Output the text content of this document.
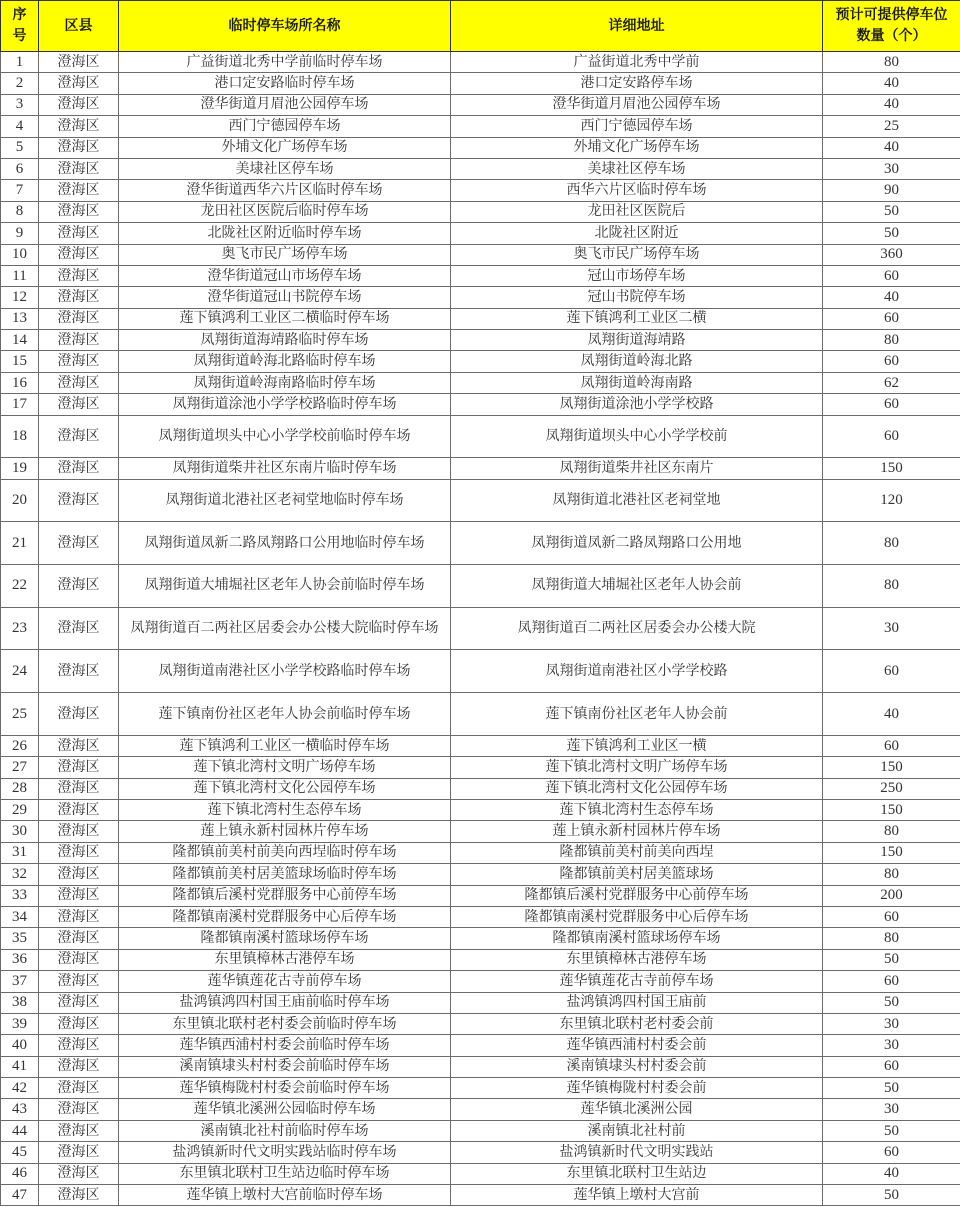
序号	区县	临时停车场所名称	详细地址	预计可提供停车位数量（个）
1	澄海区	广益街道北秀中学前临时停车场	广益街道北秀中学前	80
2	澄海区	港口定安路临时停车场	港口定安路停车场	40
3	澄海区	澄华街道月眉池公园停车场	澄华街道月眉池公园停车场	40
4	澄海区	西门宁德园停车场	西门宁德园停车场	25
5	澄海区	外埔文化广场停车场	外埔文化广场停车场	40
6	澄海区	美埭社区停车场	美埭社区停车场	30
7	澄海区	澄华街道西华六片区临时停车场	西华六片区临时停车场	90
8	澄海区	龙田社区医院后临时停车场	龙田社区医院后	50
9	澄海区	北陇社区附近临时停车场	北陇社区附近	50
10	澄海区	奥飞市民广场停车场	奥飞市民广场停车场	360
11	澄海区	澄华街道冠山市场停车场	冠山市场停车场	60
12	澄海区	澄华街道冠山书院停车场	冠山书院停车场	40
13	澄海区	莲下镇鸿利工业区二横临时停车场	莲下镇鸿利工业区二横	60
14	澄海区	凤翔街道海靖路临时停车场	凤翔街道海靖路	80
15	澄海区	凤翔街道岭海北路临时停车场	凤翔街道岭海北路	60
16	澄海区	凤翔街道岭海南路临时停车场	凤翔街道岭海南路	62
17	澄海区	凤翔街道涂池小学学校路临时停车场	凤翔街道涂池小学学校路	60
18	澄海区	凤翔街道坝头中心小学学校前临时停车场	凤翔街道坝头中心小学学校前	60
19	澄海区	凤翔街道柴井社区东南片临时停车场	凤翔街道柴井社区东南片	150
20	澄海区	凤翔街道北港社区老祠堂地临时停车场	凤翔街道北港社区老祠堂地	120
21	澄海区	凤翔街道凤新二路凤翔路口公用地临时停车场	凤翔街道凤新二路凤翔路口公用地	80
22	澄海区	凤翔街道大埔堀社区老年人协会前临时停车场	凤翔街道大埔堀社区老年人协会前	80
23	澄海区	凤翔街道百二两社区居委会办公楼大院临时停车场	凤翔街道百二两社区居委会办公楼大院	30
24	澄海区	凤翔街道南港社区小学学校路临时停车场	凤翔街道南港社区小学学校路	60
25	澄海区	莲下镇南份社区老年人协会前临时停车场	莲下镇南份社区老年人协会前	40
26	澄海区	莲下镇鸿利工业区一横临时停车场	莲下镇鸿利工业区一横	60
27	澄海区	莲下镇北湾村文明广场停车场	莲下镇北湾村文明广场停车场	150
28	澄海区	莲下镇北湾村文化公园停车场	莲下镇北湾村文化公园停车场	250
29	澄海区	莲下镇北湾村生态停车场	莲下镇北湾村生态停车场	150
30	澄海区	莲上镇永新村园林片停车场	莲上镇永新村园林片停车场	80
31	澄海区	隆都镇前美村前美向西埕临时停车场	隆都镇前美村前美向西埕	150
32	澄海区	隆都镇前美村居美篮球场临时停车场	隆都镇前美村居美篮球场	80
33	澄海区	隆都镇后溪村党群服务中心前停车场	隆都镇后溪村党群服务中心前停车场	200
34	澄海区	隆都镇南溪村党群服务中心后停车场	隆都镇南溪村党群服务中心后停车场	60
35	澄海区	隆都镇南溪村篮球场停车场	隆都镇南溪村篮球场停车场	80
36	澄海区	东里镇樟林古港停车场	东里镇樟林古港停车场	50
37	澄海区	莲华镇莲花古寺前停车场	莲华镇莲花古寺前停车场	60
38	澄海区	盐鸿镇鸿四村国王庙前临时停车场	盐鸿镇鸿四村国王庙前	50
39	澄海区	东里镇北联村老村委会前临时停车场	东里镇北联村老村委会前	30
40	澄海区	莲华镇西浦村村委会前临时停车场	莲华镇西浦村村委会前	30
41	澄海区	溪南镇埭头村村委会前临时停车场	溪南镇埭头村村委会前	60
42	澄海区	莲华镇梅陇村村委会前临时停车场	莲华镇梅陇村村委会前	50
43	澄海区	莲华镇北溪洲公园临时停车场	莲华镇北溪洲公园	30
44	澄海区	溪南镇北社村前临时停车场	溪南镇北社村前	50
45	澄海区	盐鸿镇新时代文明实践站临时停车场	盐鸿镇新时代文明实践站	60
46	澄海区	东里镇北联村卫生站边临时停车场	东里镇北联村卫生站边	40
47	澄海区	莲华镇上墩村大宫前临时停车场	莲华镇上墩村大宫前	50
